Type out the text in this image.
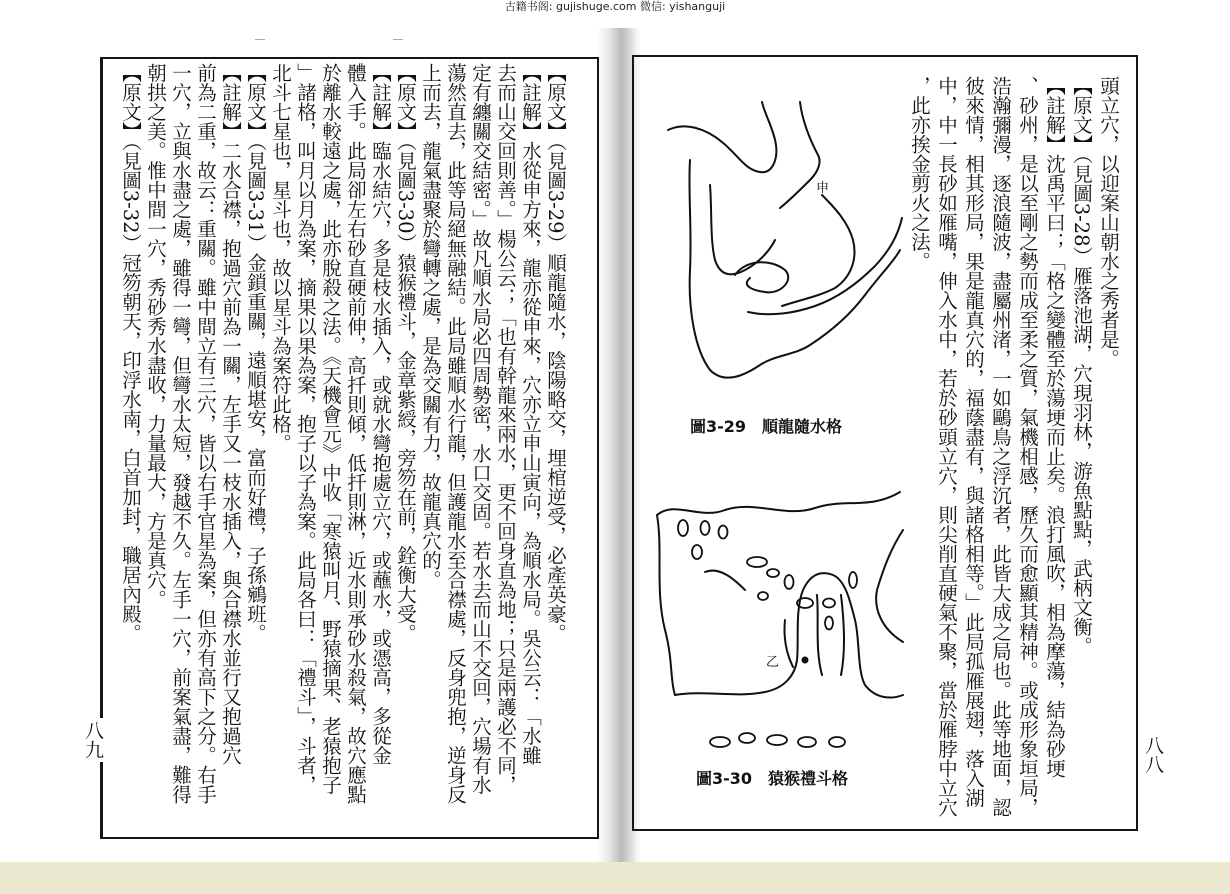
古籍书阁: gujishuge.com 微信: yishanguji
【原文】（見圖3-29）順龍隨水，陰陽略交，埋棺逆受，必產英豪。
【註解】水從申方來，龍亦從申來，穴亦立申山寅向，為順水局。吳公云：「水雖
去而山交回則善。」楊公云；「也有幹龍來兩水，更不回身直為地；只是兩護必不同，
定有纏關交結密。」故凡順水局必四周勢密，水口交固。若水去而山不交回，穴場有水
蕩然直去，此等局絕無融結。此局雖順水行龍，但護龍水至合襟處，反身兜抱，逆身反
上而去，龍氣盡聚於彎轉之處，是為交關有力，故龍真穴的。
【原文】（見圖3-30）猿猴禮斗，金章紫綬，旁笏在前，銓衡大受。
【註解】臨水結穴，多是枝水插入，或就水彎抱處立穴，或蘸水，或憑高，多從金
體入手。此局卻左右砂直硬前伸，高扦則傾，低扦則淋，近水則承砂水殺氣，故穴應點
於離水較遠之處，此亦脫殺之法。《天機會元》中收「寒猿叫月、野猿摘果、老猿抱子
」諸格，叫月以月為案，摘果以果為案，抱子以子為案。此局各曰：「禮斗」，斗者，
北斗七星也，星斗也，故以星斗為案符此格。
【原文】（見圖3-31）金鎖重關，遠順堪安，富而好禮，子孫鵷班。
【註解】二水合襟，抱過穴前為一關，左手又一枝水插入，與合襟水並行又抱過穴
前為二重，故云：重關。雖中間立有三穴，皆以右手官星為案，但亦有高下之分。右手
一穴，立與水盡之處，雖得一彎，但彎水太短，發越不久。左手一穴，前案氣盡，難得
朝拱之美。惟中間一穴，秀砂秀水盡收，力量最大，方是真穴。
【原文】（見圖3-32）冠笏朝天，印浮水南，白首加封，職居內殿。
八九
頭立穴，以迎案山朝水之秀者是。
【原文】（見圖3-28）雁落池湖，穴現羽林，游魚點點，武柄文衡。
【註解】沈禹平曰；「格之變體至於蕩埂而止矣。浪打風吹，相為摩蕩，結為砂埂
、砂州，是以至剛之勢而成至柔之質，氣機相感，歷久而愈顯其精神。或成形象垣局，
浩瀚彌漫，逐浪隨波，盡屬州渚，一如鷗鳥之浮沉者，此皆大成之局也。此等地面，認
彼來情，相其形局，果是龍真穴的，福蔭盡有，與諸格相等。」此局孤雁展翅，落入湖
中，中一長砂如雁嘴，伸入水中，若於砂頭立穴，則尖削直硬氣不聚，當於雁脖中立穴
，此亦挨金剪火之法。
八八
申
圖3-29　順龍隨水格
乙
圖3-30　猿猴禮斗格
